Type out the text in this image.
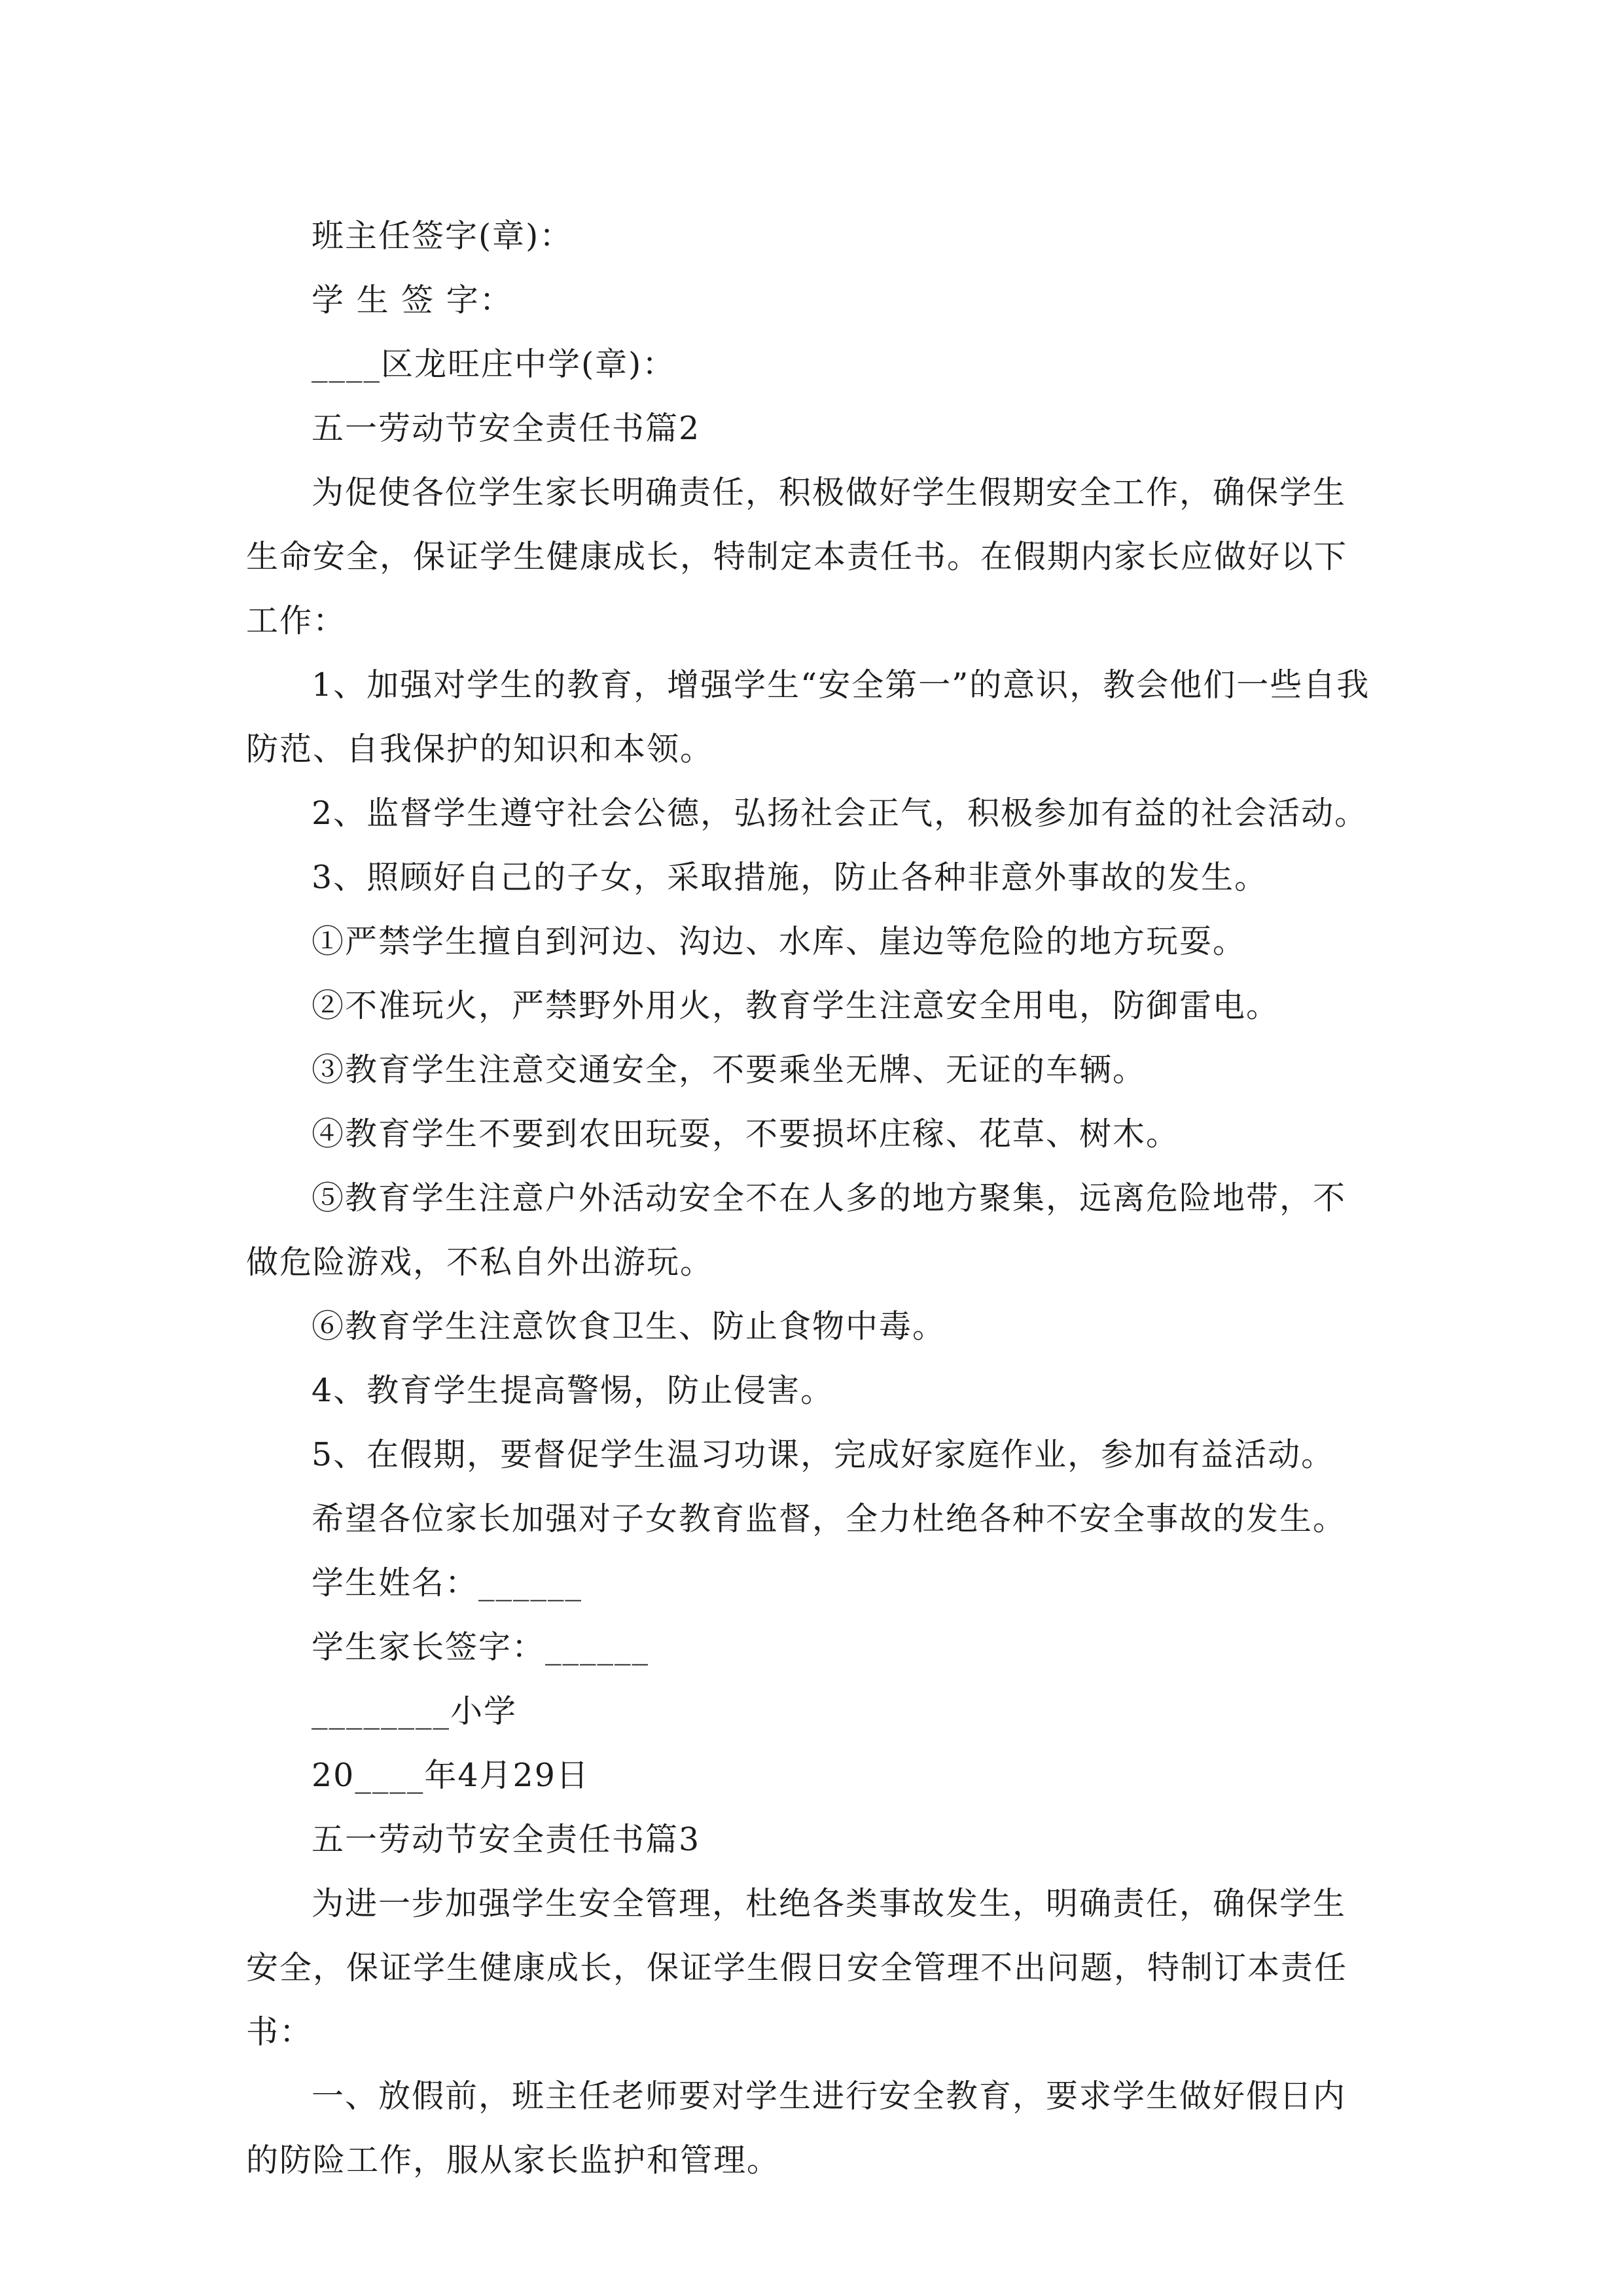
班主任签字(章)：

学 生 签 字：

____区龙旺庄中学(章)：

五一劳动节安全责任书篇2

为促使各位学生家长明确责任，积极做好学生假期安全工作，确保学生生命安全，保证学生健康成长，特制定本责任书。在假期内家长应做好以下工作：

1、加强对学生的教育，增强学生“安全第一”的意识，教会他们一些自我防范、自我保护的知识和本领。

2、监督学生遵守社会公德，弘扬社会正气，积极参加有益的社会活动。

3、照顾好自己的子女，采取措施，防止各种非意外事故的发生。

①严禁学生擅自到河边、沟边、水库、崖边等危险的地方玩耍。

②不准玩火，严禁野外用火，教育学生注意安全用电，防御雷电。

③教育学生注意交通安全，不要乘坐无牌、无证的车辆。

④教育学生不要到农田玩耍，不要损坏庄稼、花草、树木。

⑤教育学生注意户外活动安全不在人多的地方聚集，远离危险地带，不做危险游戏，不私自外出游玩。

⑥教育学生注意饮食卫生、防止食物中毒。

4、教育学生提高警惕，防止侵害。

5、在假期，要督促学生温习功课，完成好家庭作业，参加有益活动。

希望各位家长加强对子女教育监督，全力杜绝各种不安全事故的发生。

学生姓名：______

学生家长签字：______

________小学

20____年4月29日

五一劳动节安全责任书篇3

为进一步加强学生安全管理，杜绝各类事故发生，明确责任，确保学生安全，保证学生健康成长，保证学生假日安全管理不出问题，特制订本责任书：

一、放假前，班主任老师要对学生进行安全教育，要求学生做好假日内的防险工作，服从家长监护和管理。
